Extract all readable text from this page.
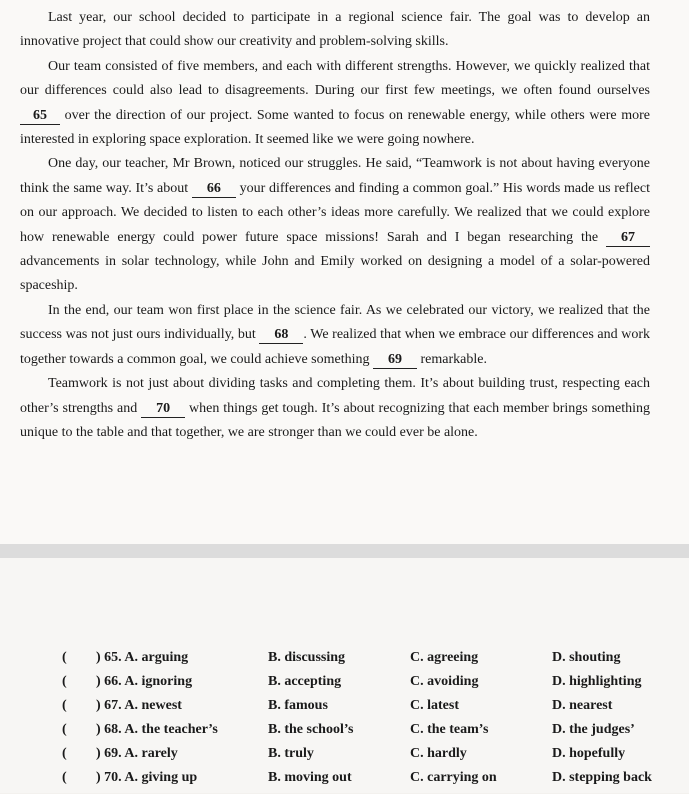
Last year, our school decided to participate in a regional science fair. The goal was to develop an innovative project that could show our creativity and problem-solving skills.

Our team consisted of five members, and each with different strengths. However, we quickly realized that our differences could also lead to disagreements. During our first few meetings, we often found ourselves 65 over the direction of our project. Some wanted to focus on renewable energy, while others were more interested in exploring space exploration. It seemed like we were going nowhere.

One day, our teacher, Mr Brown, noticed our struggles. He said, “Teamwork is not about having everyone think the same way. It’s about 66 your differences and finding a common goal.” His words made us reflect on our approach. We decided to listen to each other’s ideas more carefully. We realized that we could explore how renewable energy could power future space missions! Sarah and I began researching the 67 advancements in solar technology, while John and Emily worked on designing a model of a solar-powered spaceship.

In the end, our team won first place in the science fair. As we celebrated our victory, we realized that the success was not just ours individually, but 68 . We realized that when we embrace our differences and work together towards a common goal, we could achieve something 69 remarkable.

Teamwork is not just about dividing tasks and completing them. It’s about building trust, respecting each other’s strengths and 70 when things get tough. It’s about recognizing that each member brings something unique to the table and that together, we are stronger than we could ever be alone.

( ) 65. A. arguing	B. discussing	C. agreeing	D. shouting
( ) 66. A. ignoring	B. accepting	C. avoiding	D. highlighting
( ) 67. A. newest	B. famous	C. latest	D. nearest
( ) 68. A. the teacher’s	B. the school’s	C. the team’s	D. the judges’
( ) 69. A. rarely	B. truly	C. hardly	D. hopefully
( ) 70. A. giving up	B. moving out	C. carrying on	D. stepping back
